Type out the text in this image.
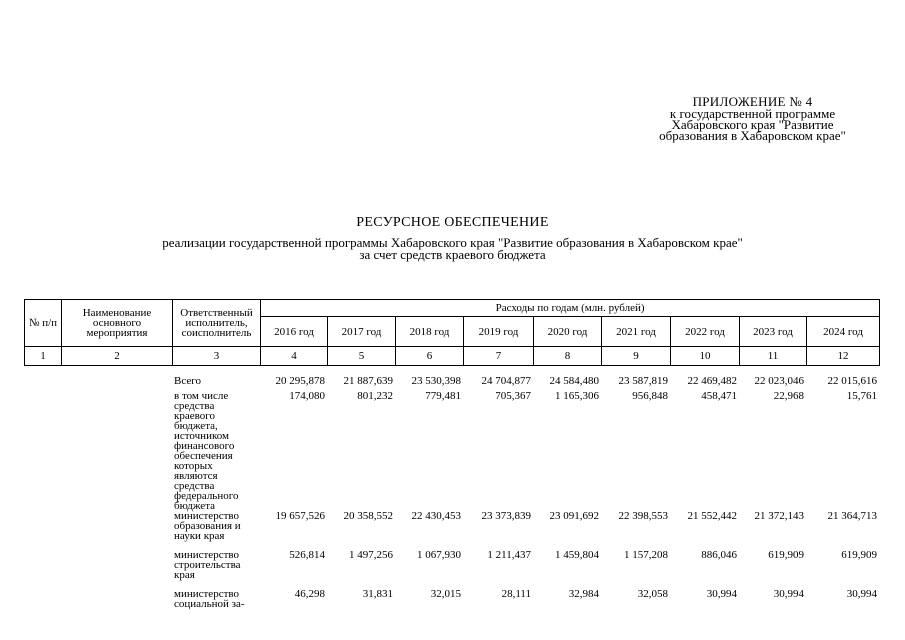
ПРИЛОЖЕНИЕ № 4
к государственной программе
Хабаровского края "Развитие
образования в Хабаровском крае"
РЕСУРСНОЕ ОБЕСПЕЧЕНИЕ
реализации государственной программы Хабаровского края "Развитие образования в Хабаровском крае"
за счет средств краевого бюджета
№ п/п	Наименование основного мероприятия	Ответственный исполнитель, соисполнитель	Расходы по годам (млн. рублей)								
			2016 год	2017 год	2018 год	2019 год	2020 год	2021 год	2022 год	2023 год	2024 год
1	2	3	4	5	6	7	8	9	10	11	12
		Всего	20 295,878	21 887,639	23 530,398	24 704,877	24 584,480	23 587,819	22 469,482	22 023,046	22 015,616
		в том числе средства краевого бюджета, источником финансового обеспечения которых являются средства федерального бюджета	174,080	801,232	779,481	705,367	1 165,306	956,848	458,471	22,968	15,761
		министерство образования и науки края	19 657,526	20 358,552	22 430,453	23 373,839	23 091,692	22 398,553	21 552,442	21 372,143	21 364,713
		министерство строительства края	526,814	1 497,256	1 067,930	1 211,437	1 459,804	1 157,208	886,046	619,909	619,909
		министерство социальной за-	46,298	31,831	32,015	28,111	32,984	32,058	30,994	30,994	30,994
